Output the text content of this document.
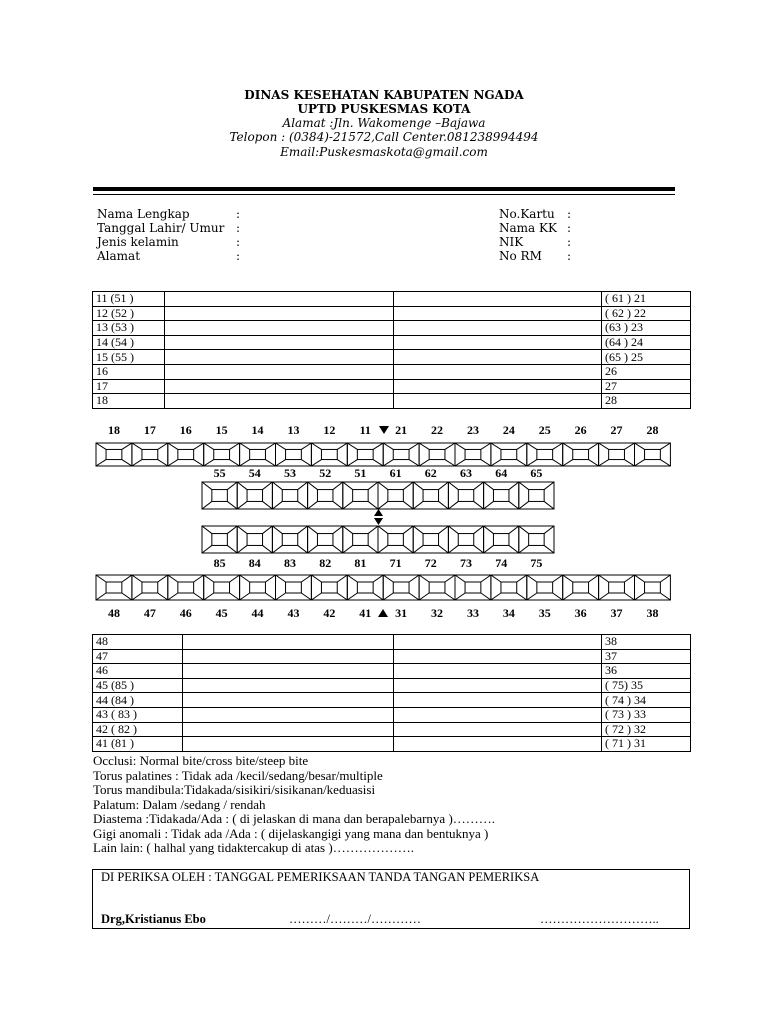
DINAS KESEHATAN KABUPATEN NGADA
UPTD PUSKESMAS KOTA
Alamat :Jln. Wakomenge –Bajawa
Telopon : (0384)-21572,Call Center.081238994494
Email:Puskesmaskota@gmail.com
Nama Lengkap	:
Tanggal Lahir/ Umur :
Jenis kelamin	:
Alamat	:
No.Kartu :
Nama KK :
NIK	:
No RM :
11 (51 )			( 61 ) 21
12 (52 )			( 62 ) 22
13 (53 )			(63 ) 23
14 (54 )			(64 ) 24
15 (55 )			(65 ) 25
16			26
17			27
18			28
18	17	16	15	14	13	12	11	21	22	23	24	25	26	27	28
55	54	53	52	51	61	62	63	64	65
85	84	83	82	81	71	72	73	74	75
48	47	46	45	44	43	42	41	31	32	33	34	35	36	37	38
48			38
47			37
46			36
45 (85 )			( 75) 35
44 (84 )			( 74 ) 34
43 ( 83 )			( 73 ) 33
42 ( 82 )			( 72 ) 32
41 (81 )			( 71 ) 31
Occlusi: Normal bite/cross bite/steep bite
Torus palatines : Tidak ada /kecil/sedang/besar/multiple
Torus mandibula:Tidakada/sisikiri/sisikanan/keduasisi
Palatum: Dalam /sedang / rendah
Diastema :Tidakada/Ada : ( di jelaskan di mana dan berapalebarnya )……….
Gigi anomali : Tidak ada /Ada : ( dijelaskangigi yang mana dan bentuknya )
Lain lain: ( halhal yang tidaktercakup di atas )……………….
DI PERIKSA OLEH : TANGGAL PEMERIKSAAN TANDA TANGAN PEMERIKSA
Drg,Kristianus Ebo	………/………/…………	………………………..
